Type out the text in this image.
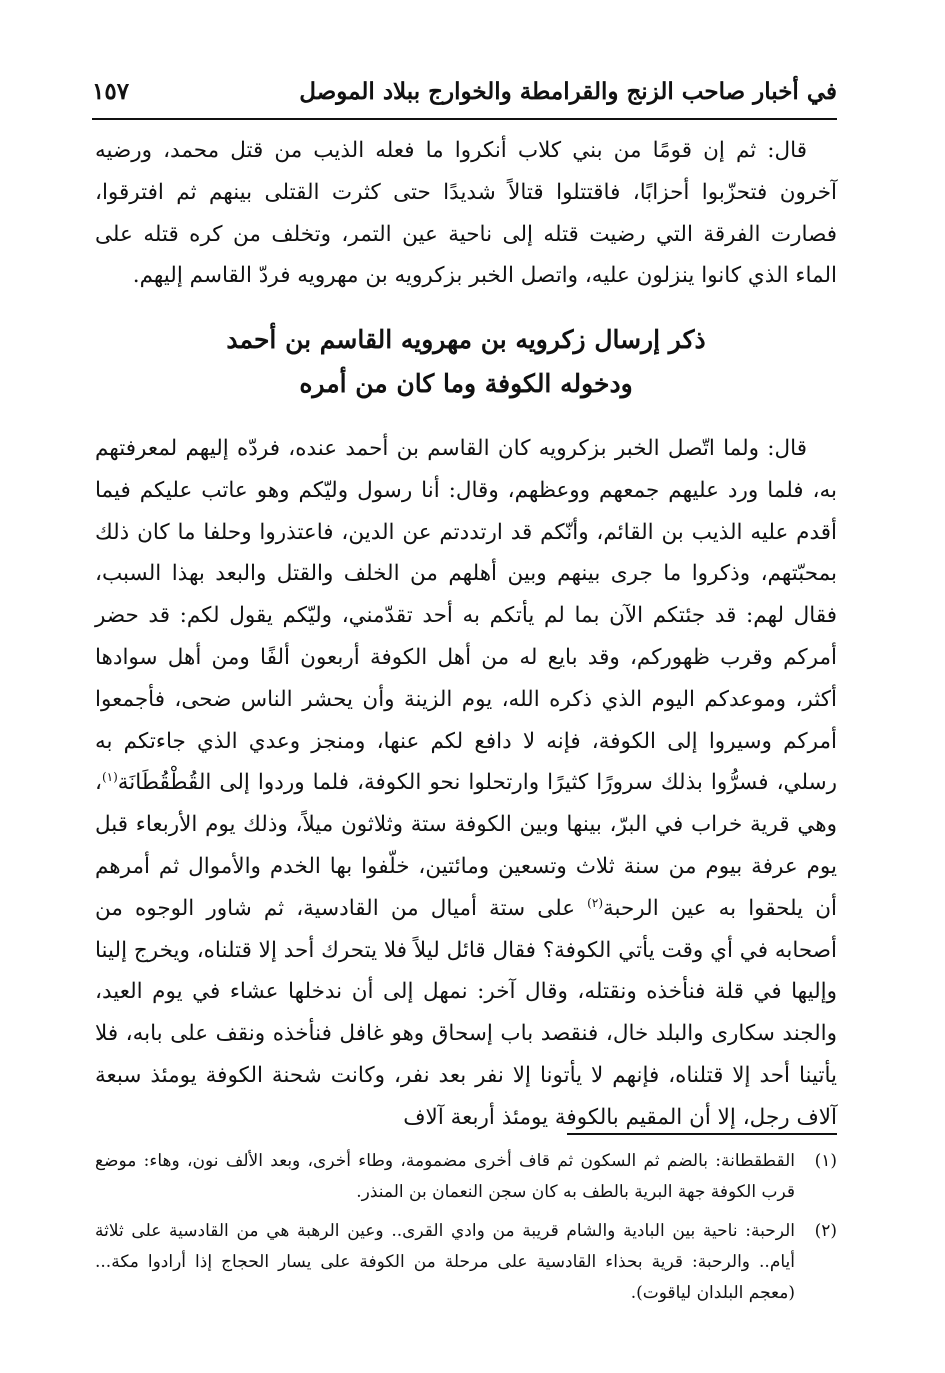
في أخبار صاحب الزنج والقرامطة والخوارج ببلاد الموصل
١٥٧

قال: ثم إن قومًا من بني كلاب أنكروا ما فعله الذيب من قتل محمد، ورضيه آخرون فتحزّبوا أحزابًا، فاقتتلوا قتالاً شديدًا حتى كثرت القتلى بينهم ثم افترقوا، فصارت الفرقة التي رضيت قتله إلى ناحية عين التمر، وتخلف من كره قتله على الماء الذي كانوا ينزلون عليه، واتصل الخبر بزكرويه بن مهرويه فردّ القاسم إليهم.

ذكر إرسال زكرويه بن مهرويه القاسم بن أحمد
ودخوله الكوفة وما كان من أمره

قال: ولما اتّصل الخبر بزكرويه كان القاسم بن أحمد عنده، فردّه إليهم لمعرفتهم به، فلما ورد عليهم جمعهم ووعظهم، وقال: أنا رسول وليّكم وهو عاتب عليكم فيما أقدم عليه الذيب بن القائم، وأنّكم قد ارتددتم عن الدين، فاعتذروا وحلفا ما كان ذلك بمحبّتهم، وذكروا ما جرى بينهم وبين أهلهم من الخلف والقتل والبعد بهذا السبب، فقال لهم: قد جئتكم الآن بما لم يأتكم به أحد تقدّمني، وليّكم يقول لكم: قد حضر أمركم وقرب ظهوركم، وقد بايع له من أهل الكوفة أربعون ألفًا ومن أهل سوادها أكثر، وموعدكم اليوم الذي ذكره الله، يوم الزينة وأن يحشر الناس ضحى، فأجمعوا أمركم وسيروا إلى الكوفة، فإنه لا دافع لكم عنها، ومنجز وعدي الذي جاءتكم به رسلي، فسرُّوا بذلك سرورًا كثيرًا وارتحلوا نحو الكوفة، فلما وردوا إلى القُطْقُطَانَة$^{(١)}$، وهي قرية خراب في البرّ، بينها وبين الكوفة ستة وثلاثون ميلاً، وذلك يوم الأربعاء قبل يوم عرفة بيوم من سنة ثلاث وتسعين ومائتين، خلّفوا بها الخدم والأموال ثم أمرهم أن يلحقوا به عين الرحبة$^{(٢)}$ على ستة أميال من القادسية، ثم شاور الوجوه من أصحابه في أي وقت يأتي الكوفة؟ فقال قائل ليلاً فلا يتحرك أحد إلا قتلناه، ويخرج إلينا وإليها في قلة فنأخذه ونقتله، وقال آخر: نمهل إلى أن ندخلها عشاء في يوم العيد، والجند سكارى والبلد خال، فنقصد باب إسحاق وهو غافل فنأخذه ونقف على بابه، فلا يأتينا أحد إلا قتلناه، فإنهم لا يأتونا إلا نفر بعد نفر، وكانت شحنة الكوفة يومئذ سبعة آلاف رجل، إلا أن المقيم بالكوفة يومئذ أربعة آلاف

(١)
القطقطانة: بالضم ثم السكون ثم قاف أخرى مضمومة، وطاء أخرى، وبعد الألف نون، وهاء: موضع قرب الكوفة جهة البرية بالطف به كان سجن النعمان بن المنذر.
(٢)
الرحبة: ناحية بين البادية والشام قريبة من وادي القرى.. وعين الرهبة هي من القادسية على ثلاثة أيام.. والرحبة: قرية بحذاء القادسية على مرحلة من الكوفة على يسار الحجاج إذا أرادوا مكة... (معجم البلدان لياقوت).
